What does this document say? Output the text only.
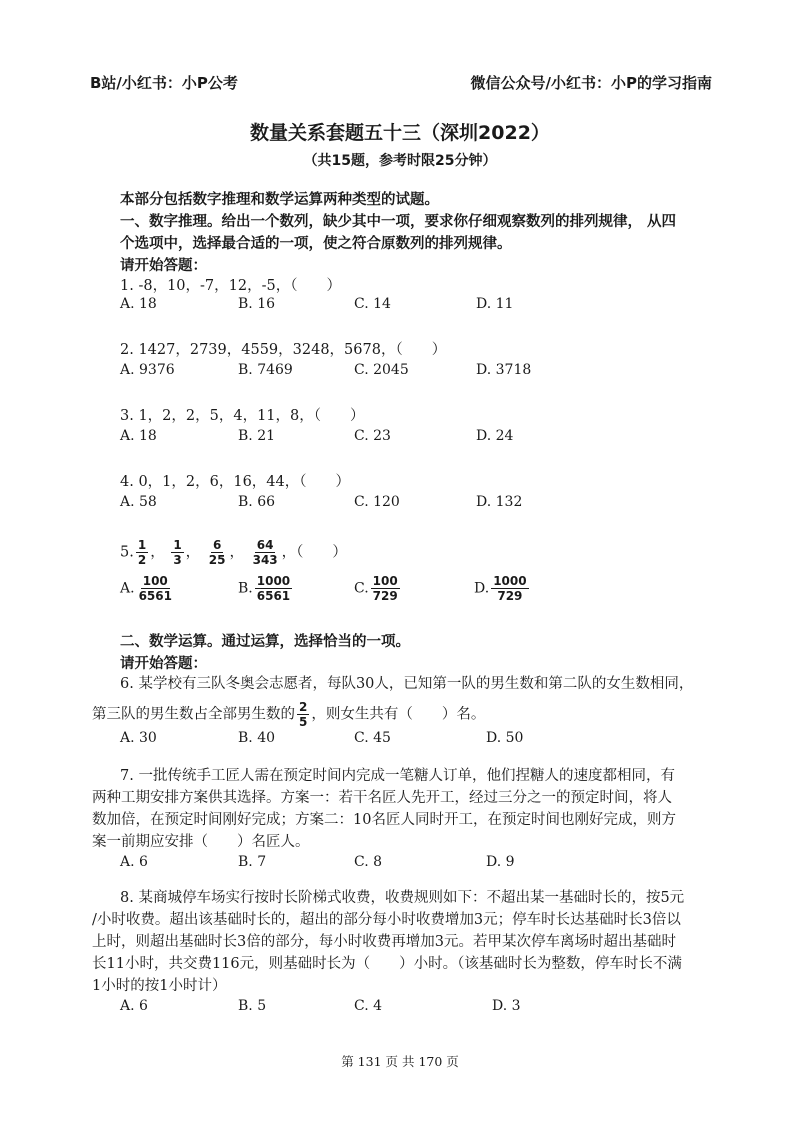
B站/小红书：小P公考	微信公众号/小红书：小P的学习指南
数量关系套题五十三（深圳2022）
（共15题，参考时限25分钟）
本部分包括数字推理和数学运算两种类型的试题。
一、数字推理。给出一个数列，缺少其中一项，要求你仔细观察数列的排列规律， 从四
个选项中，选择最合适的一项，使之符合原数列的排列规律。
请开始答题：
1. -8，10，-7，12，-5，（　　）
A. 18	B. 16	C. 14	D. 11
2. 1427，2739，4559，3248，5678，（　　）
A. 9376	B. 7469	C. 2045	D. 3718
3. 1，2，2，5，4，11，8，（　　）
A. 18	B. 21	C. 23	D. 24
4. 0，1，2，6，16，44，（　　）
A. 58	B. 66	C. 120	D. 132
5. $\frac{1}{2}$ ， $\frac{1}{3}$ ， $\frac{6}{25}$ ， $\frac{64}{343}$ ，（　　）
A. $\frac{100}{6561}$	B. $\frac{1000}{6561}$	C. $\frac{100}{729}$	D. $\frac{1000}{729}$
二、数学运算。通过运算，选择恰当的一项。
请开始答题：
6. 某学校有三队冬奥会志愿者，每队30人，已知第一队的男生数和第二队的女生数相同，
第三队的男生数占全部男生数的 $\frac{2}{5}$ ，则女生共有（　　）名。
A. 30	B. 40	C. 45	D. 50
7. 一批传统手工匠人需在预定时间内完成一笔糖人订单，他们捏糖人的速度都相同，有
两种工期安排方案供其选择。方案一：若干名匠人先开工，经过三分之一的预定时间，将人
数加倍，在预定时间刚好完成；方案二：10名匠人同时开工，在预定时间也刚好完成，则方
案一前期应安排（　　）名匠人。
A. 6	B. 7	C. 8	D. 9
8. 某商城停车场实行按时长阶梯式收费，收费规则如下：不超出某一基础时长的，按5元
/小时收费。超出该基础时长的，超出的部分每小时收费增加3元；停车时长达基础时长3倍以
上时，则超出基础时长3倍的部分，每小时收费再增加3元。若甲某次停车离场时超出基础时
长11小时，共交费116元，则基础时长为（　　）小时。（该基础时长为整数，停车时长不满
1小时的按1小时计）
A. 6	B. 5	C. 4	D. 3
第 131 页 共 170 页
